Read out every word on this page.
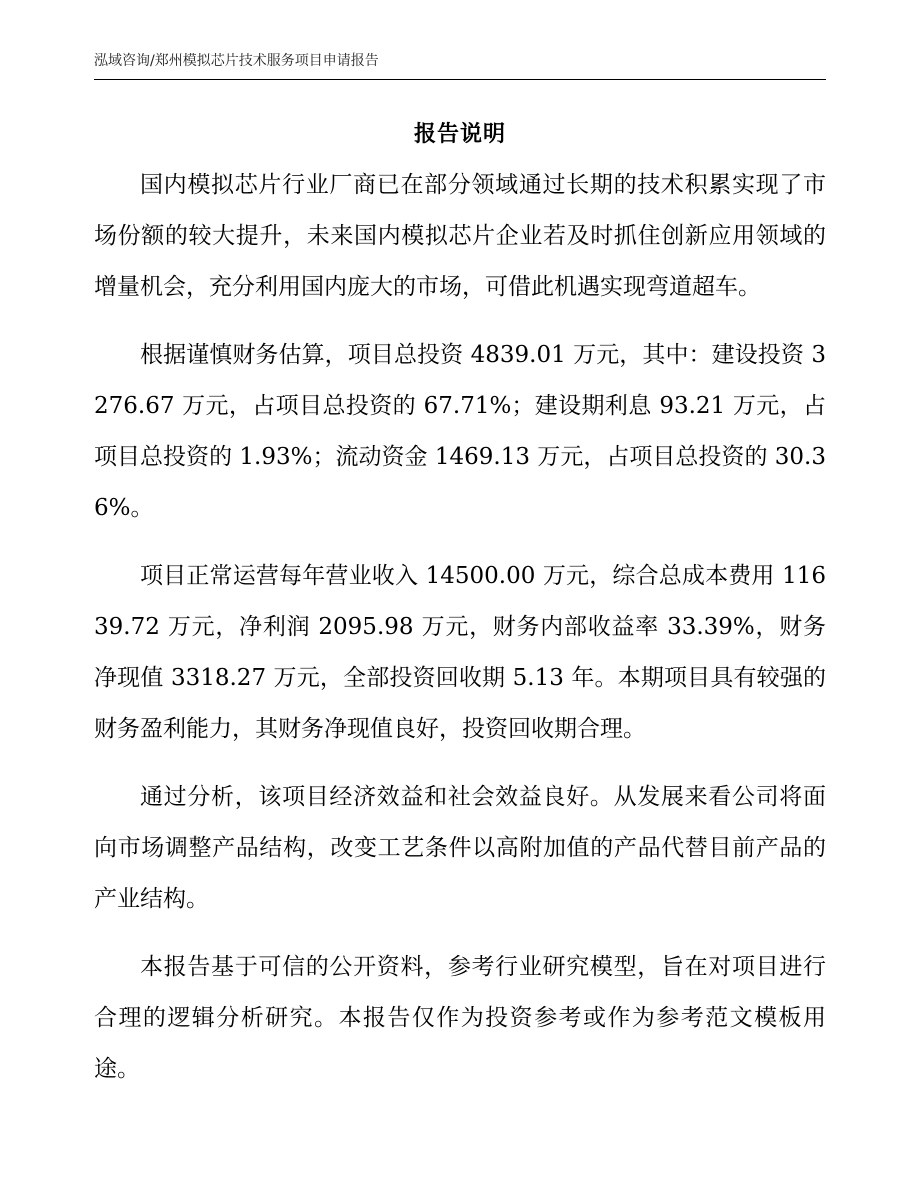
泓域咨询/郑州模拟芯片技术服务项目申请报告
报告说明

国内模拟芯片行业厂商已在部分领域通过长期的技术积累实现了市场份额的较大提升，未来国内模拟芯片企业若及时抓住创新应用领域的增量机会，充分利用国内庞大的市场，可借此机遇实现弯道超车。

根据谨慎财务估算，项目总投资 4839.01 万元，其中：建设投资 3276.67 万元，占项目总投资的 67.71%；建设期利息 93.21 万元，占项目总投资的 1.93%；流动资金 1469.13 万元，占项目总投资的 30.36%。

项目正常运营每年营业收入 14500.00 万元，综合总成本费用 11639.72 万元，净利润 2095.98 万元，财务内部收益率 33.39%，财务净现值 3318.27 万元，全部投资回收期 5.13 年。本期项目具有较强的财务盈利能力，其财务净现值良好，投资回收期合理。

通过分析，该项目经济效益和社会效益良好。从发展来看公司将面向市场调整产品结构，改变工艺条件以高附加值的产品代替目前产品的产业结构。

本报告基于可信的公开资料，参考行业研究模型，旨在对项目进行合理的逻辑分析研究。本报告仅作为投资参考或作为参考范文模板用途。
